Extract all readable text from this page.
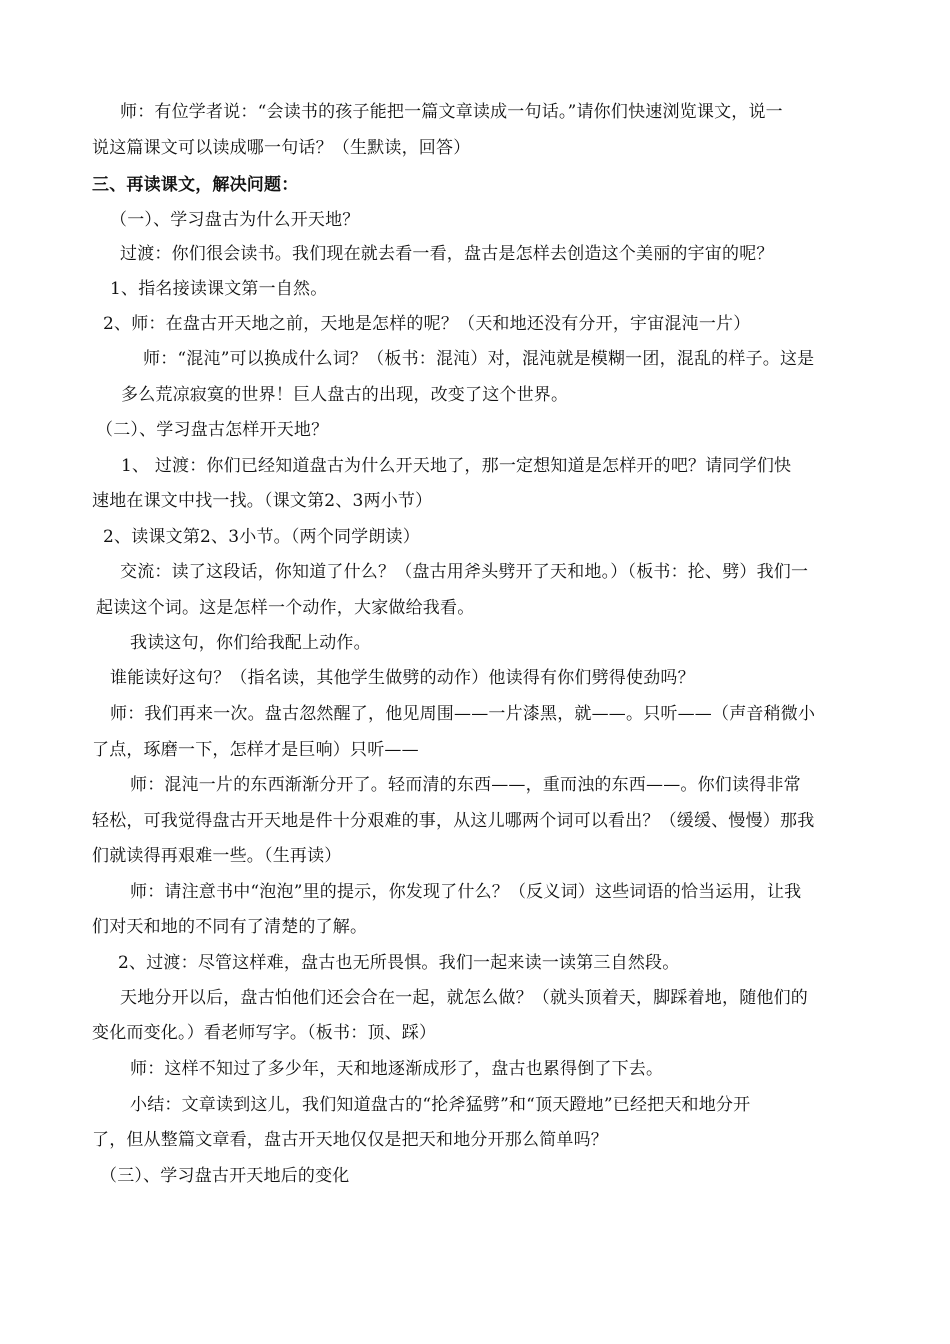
师：有位学者说：“会读书的孩子能把一篇文章读成一句话。”请你们快速浏览课文，说一
说这篇课文可以读成哪一句话？（生默读，回答）
三、再读课文，解决问题：
（一）、学习盘古为什么开天地？
过渡：你们很会读书。我们现在就去看一看，盘古是怎样去创造这个美丽的宇宙的呢？
1、指名接读课文第一自然。
2、师：在盘古开天地之前，天地是怎样的呢？（天和地还没有分开，宇宙混沌一片）
师：“混沌”可以换成什么词？（板书：混沌）对，混沌就是模糊一团，混乱的样子。这是
多么荒凉寂寞的世界！巨人盘古的出现，改变了这个世界。
（二）、学习盘古怎样开天地？
1、 过渡：你们已经知道盘古为什么开天地了，那一定想知道是怎样开的吧？请同学们快
速地在课文中找一找。（课文第2、3两小节）
2、读课文第2、3小节。（两个同学朗读）
交流：读了这段话，你知道了什么？（盘古用斧头劈开了天和地。）（板书：抡、劈）我们一
起读这个词。这是怎样一个动作，大家做给我看。
我读这句，你们给我配上动作。
谁能读好这句？（指名读，其他学生做劈的动作）他读得有你们劈得使劲吗？
师：我们再来一次。盘古忽然醒了，他见周围——一片漆黑，就——。只听——（声音稍微小
了点，琢磨一下，怎样才是巨响）只听——
师：混沌一片的东西渐渐分开了。轻而清的东西——，重而浊的东西——。你们读得非常
轻松，可我觉得盘古开天地是件十分艰难的事，从这儿哪两个词可以看出？（缓缓、慢慢）那我
们就读得再艰难一些。（生再读）
师：请注意书中“泡泡”里的提示，你发现了什么？（反义词）这些词语的恰当运用，让我
们对天和地的不同有了清楚的了解。
2、过渡：尽管这样难，盘古也无所畏惧。我们一起来读一读第三自然段。
天地分开以后，盘古怕他们还会合在一起，就怎么做？（就头顶着天，脚踩着地，随他们的
变化而变化。）看老师写字。（板书：顶、踩）
师：这样不知过了多少年，天和地逐渐成形了，盘古也累得倒了下去。
小结：文章读到这儿，我们知道盘古的“抡斧猛劈”和“顶天蹬地”已经把天和地分开
了，但从整篇文章看，盘古开天地仅仅是把天和地分开那么简单吗？
（三）、学习盘古开天地后的变化
